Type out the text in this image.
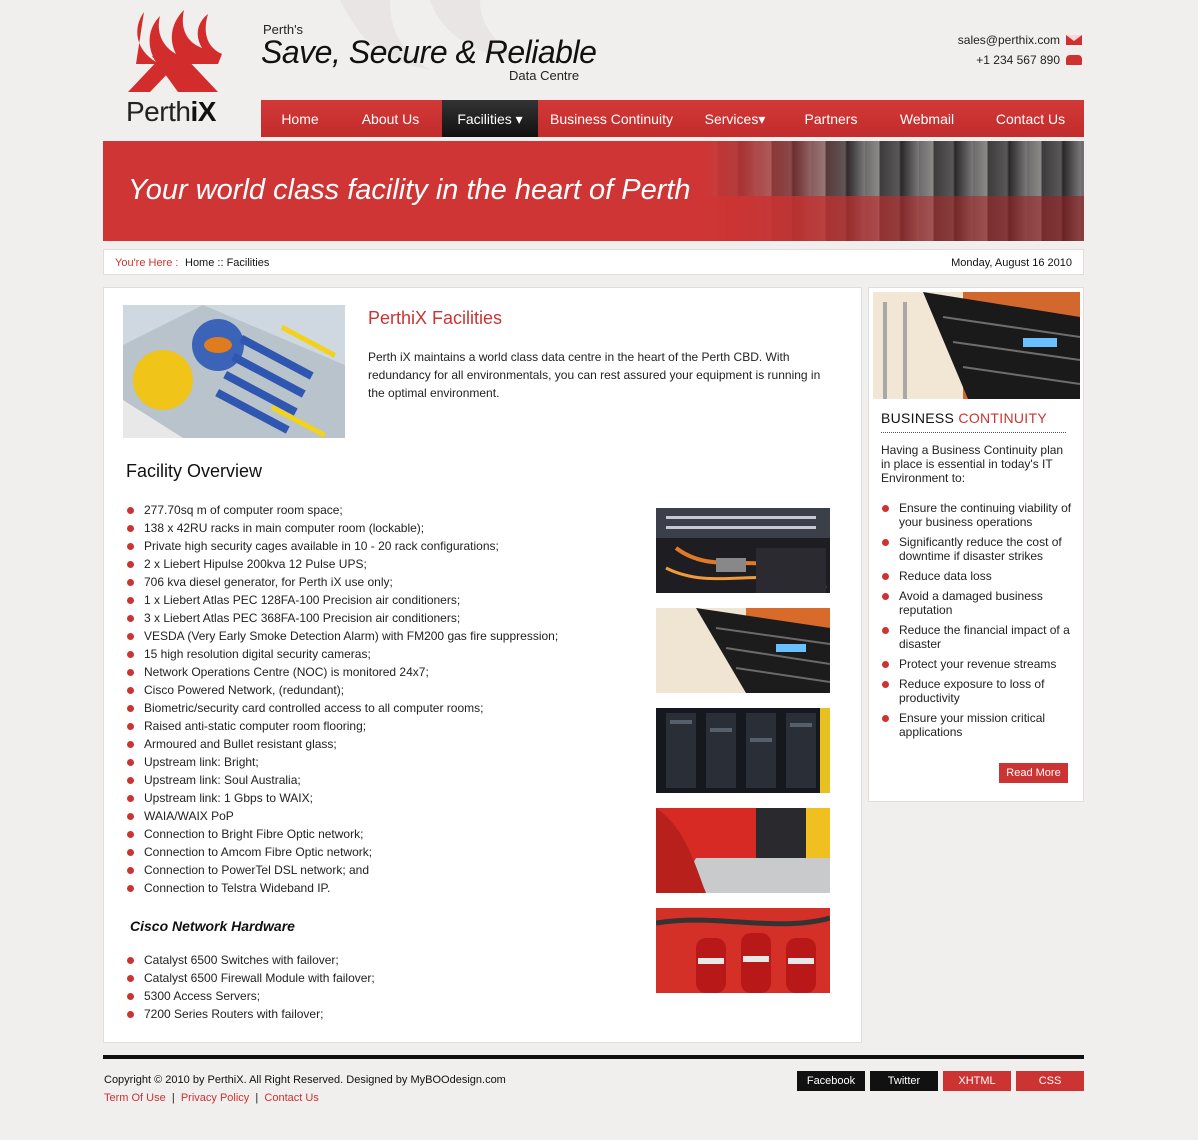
PerthiX
Perth's
Save, Secure & Reliable
Data Centre
sales@perthix.com
+1 234 567 890
Home	About Us	Facilities ▾	Business Continuity	Services▾	Partners	Webmail	Contact Us
Your world class facility in the heart of Perth
You're Here : Home :: Facilities	Monday, August 16 2010
PerthiX Facilities
Perth iX maintains a world class data centre in the heart of the Perth CBD. With redundancy for all environmentals, you can rest assured your equipment is running in the optimal environment.
Facility Overview
277.70sq m of computer room space;
138 x 42RU racks in main computer room (lockable);
Private high security cages available in 10 - 20 rack configurations;
2 x Liebert Hipulse 200kva 12 Pulse UPS;
706 kva diesel generator, for Perth iX use only;
1 x Liebert Atlas PEC 128FA-100 Precision air conditioners;
3 x Liebert Atlas PEC 368FA-100 Precision air conditioners;
VESDA (Very Early Smoke Detection Alarm) with FM200 gas fire suppression;
15 high resolution digital security cameras;
Network Operations Centre (NOC) is monitored 24x7;
Cisco Powered Network, (redundant);
Biometric/security card controlled access to all computer rooms;
Raised anti-static computer room flooring;
Armoured and Bullet resistant glass;
Upstream link: Bright;
Upstream link: Soul Australia;
Upstream link: 1 Gbps to WAIX;
WAIA/WAIX PoP
Connection to Bright Fibre Optic network;
Connection to Amcom Fibre Optic network;
Connection to PowerTel DSL network; and
Connection to Telstra Wideband IP.
Cisco Network Hardware
Catalyst 6500 Switches with failover;
Catalyst 6500 Firewall Module with failover;
5300 Access Servers;
7200 Series Routers with failover;
BUSINESS CONTINUITY
Having a Business Continuity plan in place is essential in today's IT Environment to:
Ensure the continuing viability of your business operations
Significantly reduce the cost of downtime if disaster strikes
Reduce data loss
Avoid a damaged business reputation
Reduce the financial impact of a disaster
Protect your revenue streams
Reduce exposure to loss of productivity
Ensure your mission critical applications
Read More
Copyright © 2010 by PerthiX. All Right Reserved. Designed by MyBOOdesign.com
Term Of Use  |  Privacy Policy  |  Contact Us
Facebook	Twitter	XHTML	CSS
